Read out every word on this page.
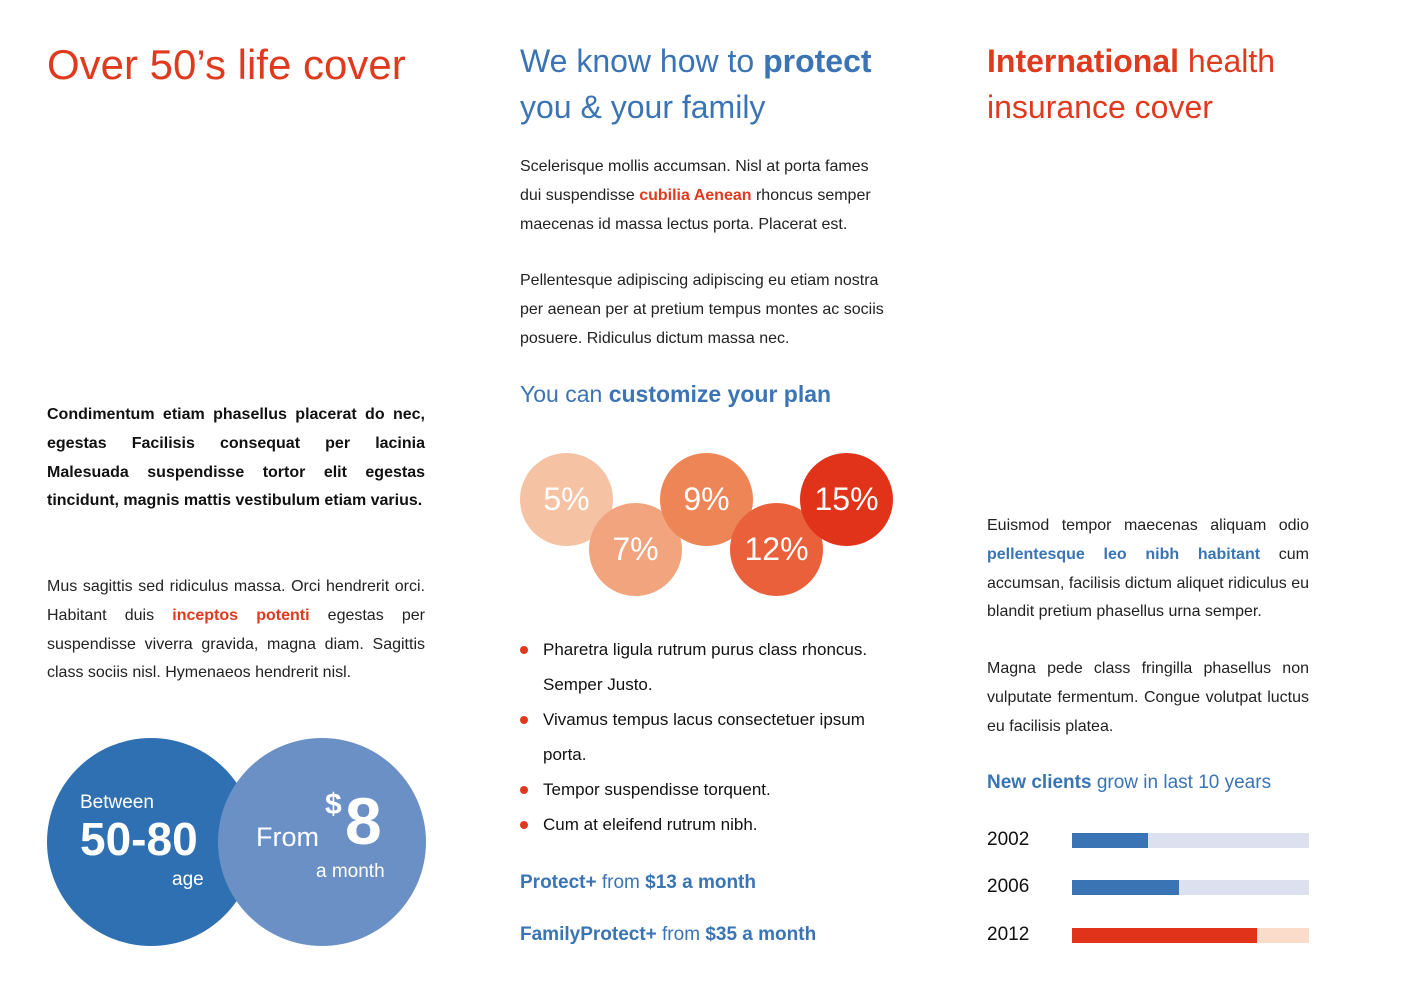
Over 50’s life cover

Condimentum etiam phasellus placerat do nec, egestas Facilisis consequat per lacinia Malesuada suspendisse tortor elit egestas tincidunt, magnis mattis vestibulum etiam varius.

Mus sagittis sed ridiculus massa. Orci hendrerit orci. Habitant duis inceptos potenti egestas per suspendisse viverra gravida, magna diam. Sagittis class sociis nisl. Hymenaeos hendrerit nisl.

Between
50-80
age
From
$ 8
a month
We know how to protect
you & your family

Scelerisque mollis accumsan. Nisl at porta fames dui suspendisse cubilia Aenean rhoncus semper maecenas id massa lectus porta. Placerat est.

Pellentesque adipiscing adipiscing eu etiam nostra per aenean per at pretium tempus montes ac sociis posuere. Ridiculus dictum massa nec.

You can customize your plan
5%
7%
9%
12%
15%
Pharetra ligula rutrum purus class rhoncus. Semper Justo.
Vivamus tempus lacus consectetuer ipsum porta.
Tempor suspendisse torquent.
Cum at eleifend rutrum nibh.
Protect+ from $13 a month
FamilyProtect+ from $35 a month
International health insurance cover

Euismod tempor maecenas aliquam odio pellentesque leo nibh habitant cum accumsan, facilisis dictum aliquet ridiculus eu blandit pretium phasellus urna semper.

Magna pede class fringilla phasellus non vulputate fermentum. Congue volutpat luctus eu facilisis platea.

New clients grow in last 10 years
2002
2006
2012
